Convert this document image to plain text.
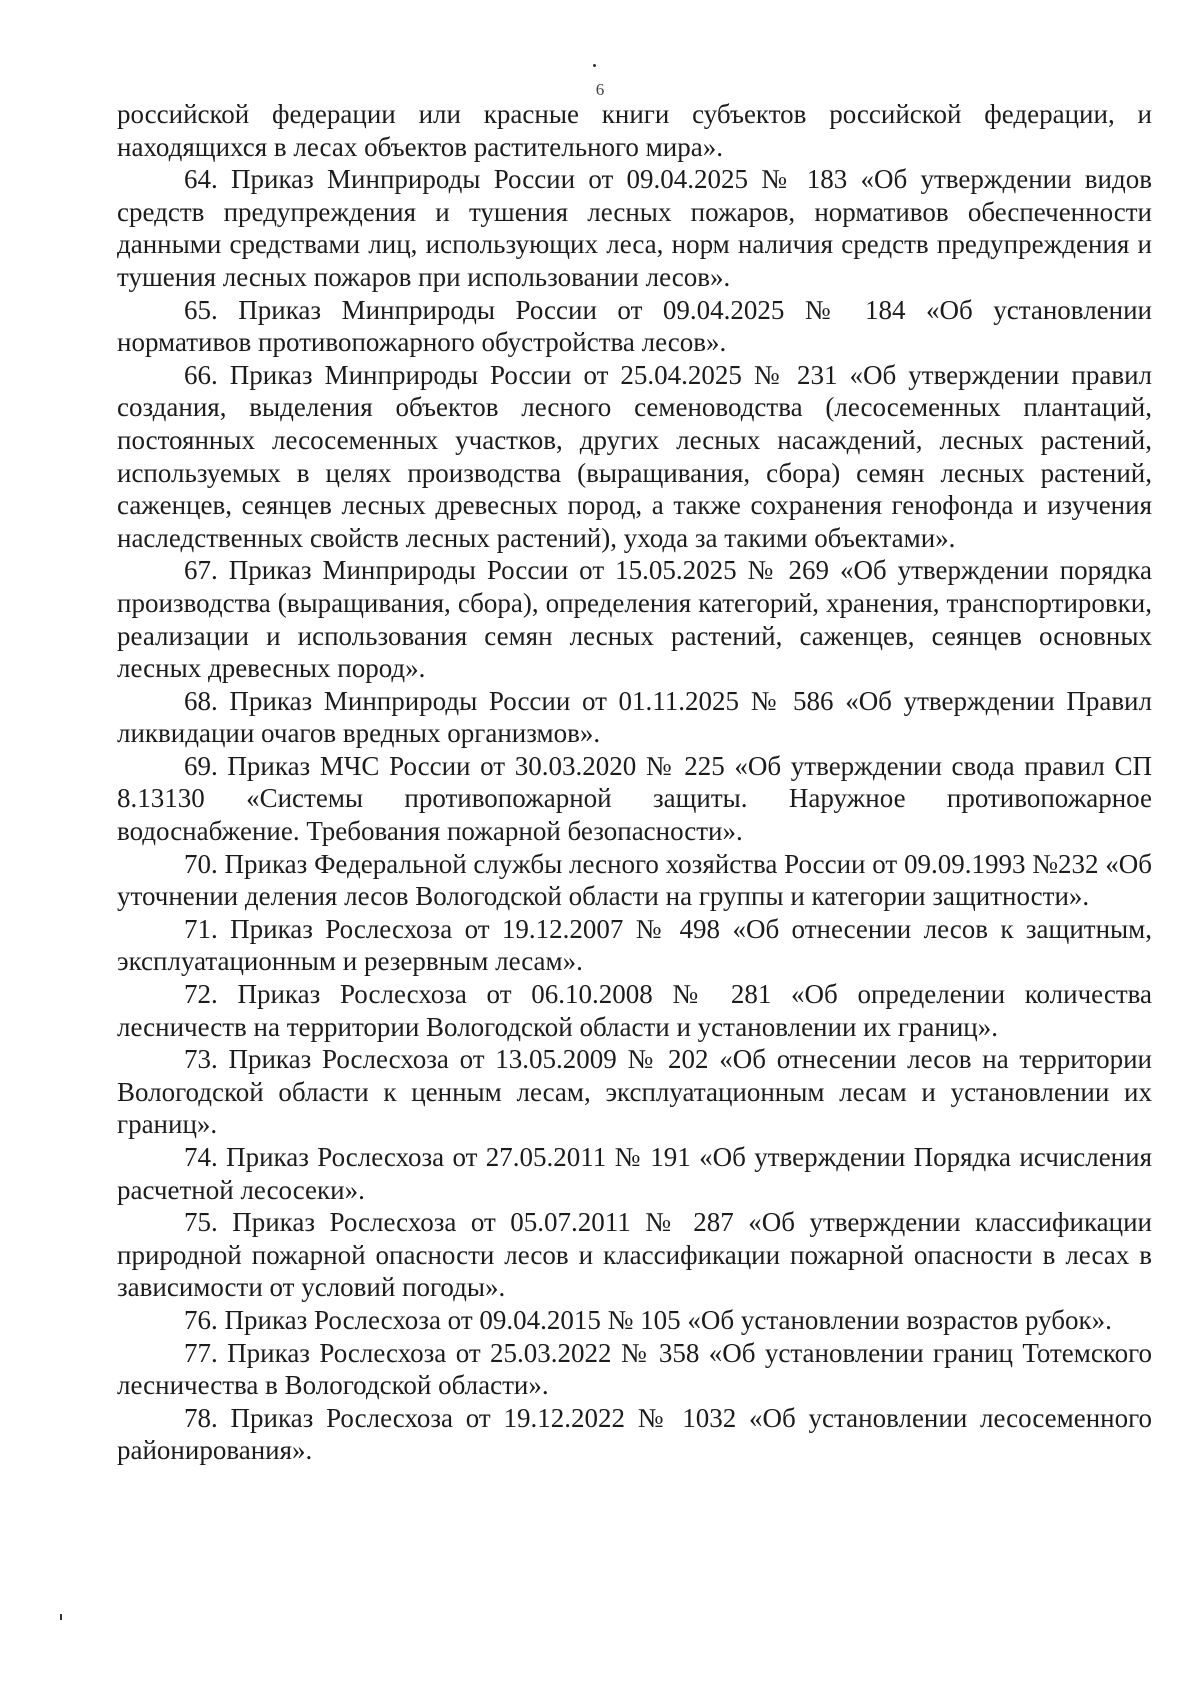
6

российской федерации или красные книги субъектов российской федерации, и находящихся в лесах объектов растительного мира».

64. Приказ Минприроды России от 09.04.2025 № 183 «Об утверждении видов средств предупреждения и тушения лесных пожаров, нормативов обеспеченности данными средствами лиц, использующих леса, норм наличия средств предупреждения и тушения лесных пожаров при использовании лесов».

65. Приказ Минприроды России от 09.04.2025 № 184 «Об установлении нормативов противопожарного обустройства лесов».

66. Приказ Минприроды России от 25.04.2025 № 231 «Об утверждении правил создания, выделения объектов лесного семеноводства (лесосеменных плантаций, постоянных лесосеменных участков, других лесных насаждений, лесных растений, используемых в целях производства (выращивания, сбора) семян лесных растений, саженцев, сеянцев лесных древесных пород, а также сохранения генофонда и изучения наследственных свойств лесных растений), ухода за такими объектами».

67. Приказ Минприроды России от 15.05.2025 № 269 «Об утверждении порядка производства (выращивания, сбора), определения категорий, хранения, транспортировки, реализации и использования семян лесных растений, саженцев, сеянцев основных лесных древесных пород».

68. Приказ Минприроды России от 01.11.2025 № 586 «Об утверждении Правил ликвидации очагов вредных организмов».

69. Приказ МЧС России от 30.03.2020 № 225 «Об утверждении свода правил СП 8.13130 «Системы противопожарной защиты. Наружное противопожарное водоснабжение. Требования пожарной безопасности».

70. Приказ Федеральной службы лесного хозяйства России от 09.09.1993 №232 «Об уточнении деления лесов Вологодской области на группы и категории защитности».

71. Приказ Рослесхоза от 19.12.2007 № 498 «Об отнесении лесов к защитным, эксплуатационным и резервным лесам».

72. Приказ Рослесхоза от 06.10.2008 № 281 «Об определении количества лесничеств на территории Вологодской области и установлении их границ».

73. Приказ Рослесхоза от 13.05.2009 № 202 «Об отнесении лесов на территории Вологодской области к ценным лесам, эксплуатационным лесам и установлении их границ».

74. Приказ Рослесхоза от 27.05.2011 № 191 «Об утверждении Порядка исчисления расчетной лесосеки».

75. Приказ Рослесхоза от 05.07.2011 № 287 «Об утверждении классификации природной пожарной опасности лесов и классификации пожарной опасности в лесах в зависимости от условий погоды».

76. Приказ Рослесхоза от 09.04.2015 № 105 «Об установлении возрастов рубок».

77. Приказ Рослесхоза от 25.03.2022 № 358 «Об установлении границ Тотемского лесничества в Вологодской области».

78. Приказ Рослесхоза от 19.12.2022 № 1032 «Об установлении лесосеменного районирования».
